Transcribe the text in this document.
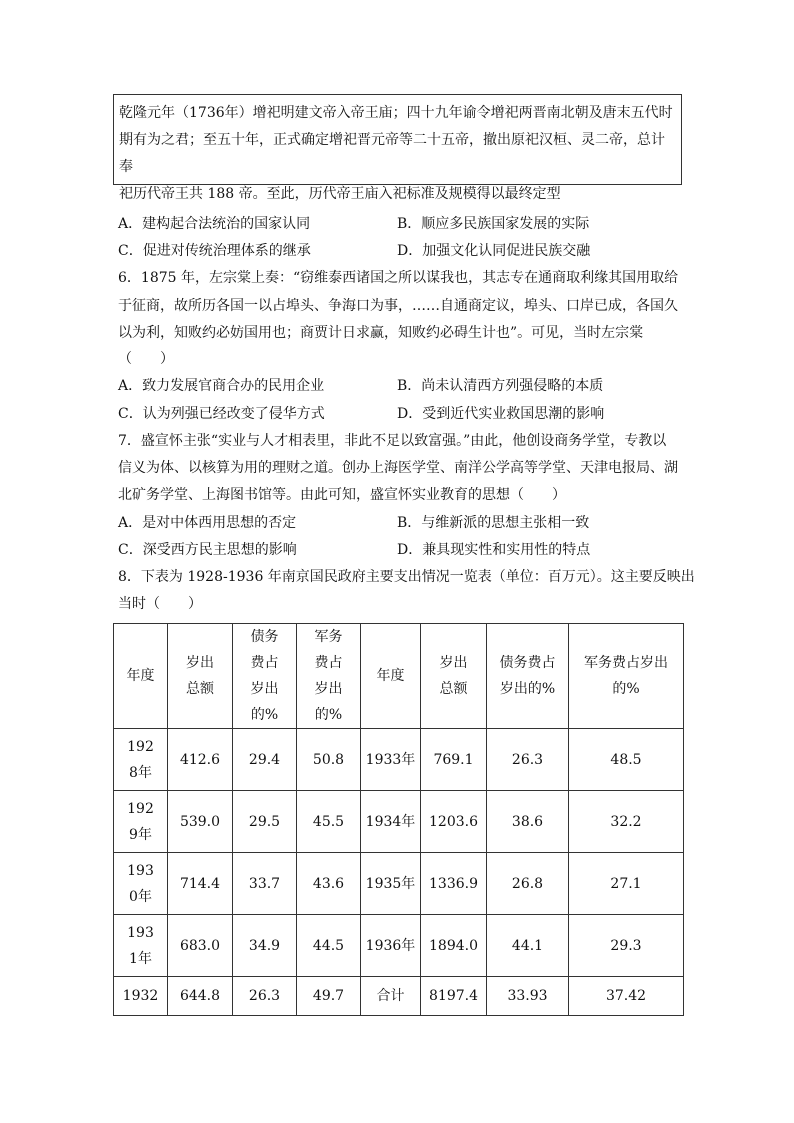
乾隆元年（1736年）增祀明建文帝入帝王庙；四十九年谕令增祀两晋南北朝及唐末五代时
期有为之君；至五十年，正式确定增祀晋元帝等二十五帝，撤出原祀汉桓、灵二帝，总计奉
祀历代帝王共 188 帝。至此，历代帝王庙入祀标准及规模得以最终定型
A．建构起合法统治的国家认同	B．顺应多民族国家发展的实际
C．促进对传统治理体系的继承	D．加强文化认同促进民族交融
6．1875 年，左宗棠上奏：“窃维泰西诸国之所以谋我也，其志专在通商取利缘其国用取给
于征商，故所历各国一以占埠头、争海口为事，……自通商定议，埠头、口岸已成，各国久
以为利，知败约必妨国用也；商贾计日求赢，知败约必碍生计也”。可见，当时左宗棠
（　　）
A．致力发展官商合办的民用企业	B．尚未认清西方列强侵略的本质
C．认为列强已经改变了侵华方式	D．受到近代实业救国思潮的影响
7．盛宣怀主张“实业与人才相表里，非此不足以致富强。”由此，他创设商务学堂，专教以
信义为体、以核算为用的理财之道。创办上海医学堂、南洋公学高等学堂、天津电报局、湖
北矿务学堂、上海图书馆等。由此可知，盛宣怀实业教育的思想（　　）
A．是对中体西用思想的否定	B．与维新派的思想主张相一致
C．深受西方民主思想的影响	D．兼具现实性和实用性的特点
8．下表为 1928-1936 年南京国民政府主要支出情况一览表（单位：百万元）。这主要反映出
当时（　　）
年度	岁出总额	债务费占岁出的%	军务费占岁出的%	年度	岁出总额	债务费占岁出的%	军务费占岁出的%
1928年	412.6	29.4	50.8	1933年	769.1	26.3	48.5
1929年	539.0	29.5	45.5	1934年	1203.6	38.6	32.2
1930年	714.4	33.7	43.6	1935年	1336.9	26.8	27.1
1931年	683.0	34.9	44.5	1936年	1894.0	44.1	29.3
1932	644.8	26.3	49.7	合计	8197.4	33.93	37.42
